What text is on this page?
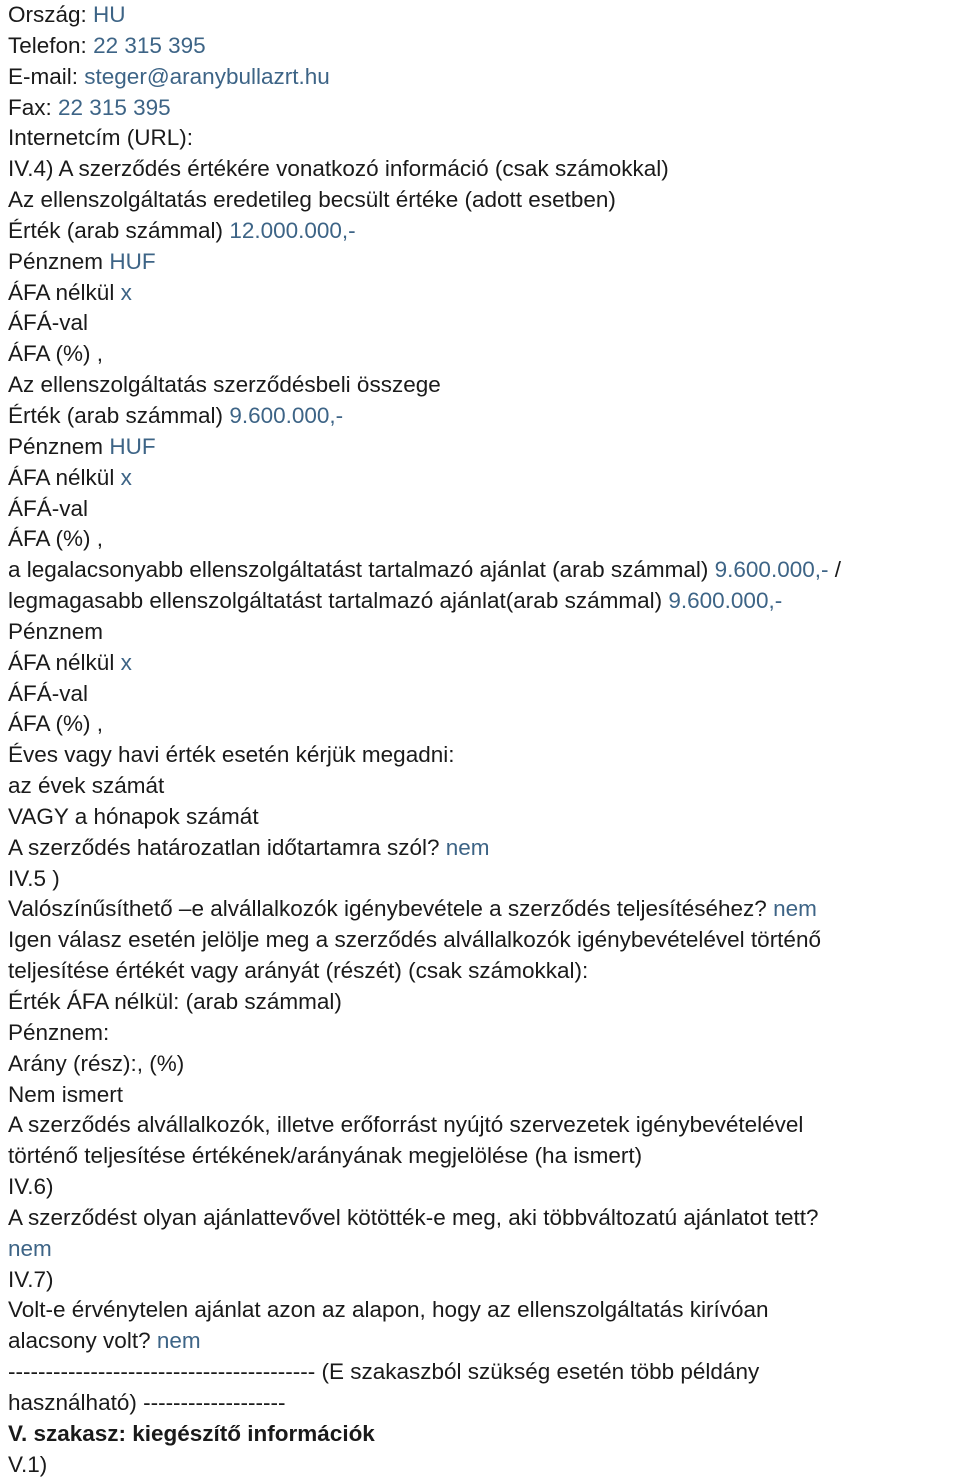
Ország: HU
Telefon: 22 315 395
E-mail: steger@aranybullazrt.hu
Fax: 22 315 395
Internetcím (URL):
IV.4) A szerződés értékére vonatkozó információ (csak számokkal)
Az ellenszolgáltatás eredetileg becsült értéke (adott esetben)
Érték (arab számmal) 12.000.000,-
Pénznem HUF
ÁFA nélkül x
ÁFÁ-val
ÁFA (%) ,
Az ellenszolgáltatás szerződésbeli összege
Érték (arab számmal) 9.600.000,-
Pénznem HUF
ÁFA nélkül x
ÁFÁ-val
ÁFA (%) ,
a legalacsonyabb ellenszolgáltatást tartalmazó ajánlat (arab számmal) 9.600.000,- /
legmagasabb ellenszolgáltatást tartalmazó ajánlat(arab számmal) 9.600.000,-
Pénznem
ÁFA nélkül x
ÁFÁ-val
ÁFA (%) ,
Éves vagy havi érték esetén kérjük megadni:
az évek számát
VAGY a hónapok számát
A szerződés határozatlan időtartamra szól? nem
IV.5 )
Valószínűsíthető –e alvállalkozók igénybevétele a szerződés teljesítéséhez? nem
Igen válasz esetén jelölje meg a szerződés alvállalkozók igénybevételével történő
teljesítése értékét vagy arányát (részét) (csak számokkal):
Érték ÁFA nélkül: (arab számmal)
Pénznem:
Arány (rész):, (%)
Nem ismert
A szerződés alvállalkozók, illetve erőforrást nyújtó szervezetek igénybevételével
történő teljesítése értékének/arányának megjelölése (ha ismert)
IV.6)
A szerződést olyan ajánlattevővel kötötték-e meg, aki többváltozatú ajánlatot tett?
nem
IV.7)
Volt-e érvénytelen ajánlat azon az alapon, hogy az ellenszolgáltatás kirívóan
alacsony volt? nem
----------------------------------------- (E szakaszból szükség esetén több példány
használható) -------------------
V. szakasz: kiegészítő információk
V.1)
